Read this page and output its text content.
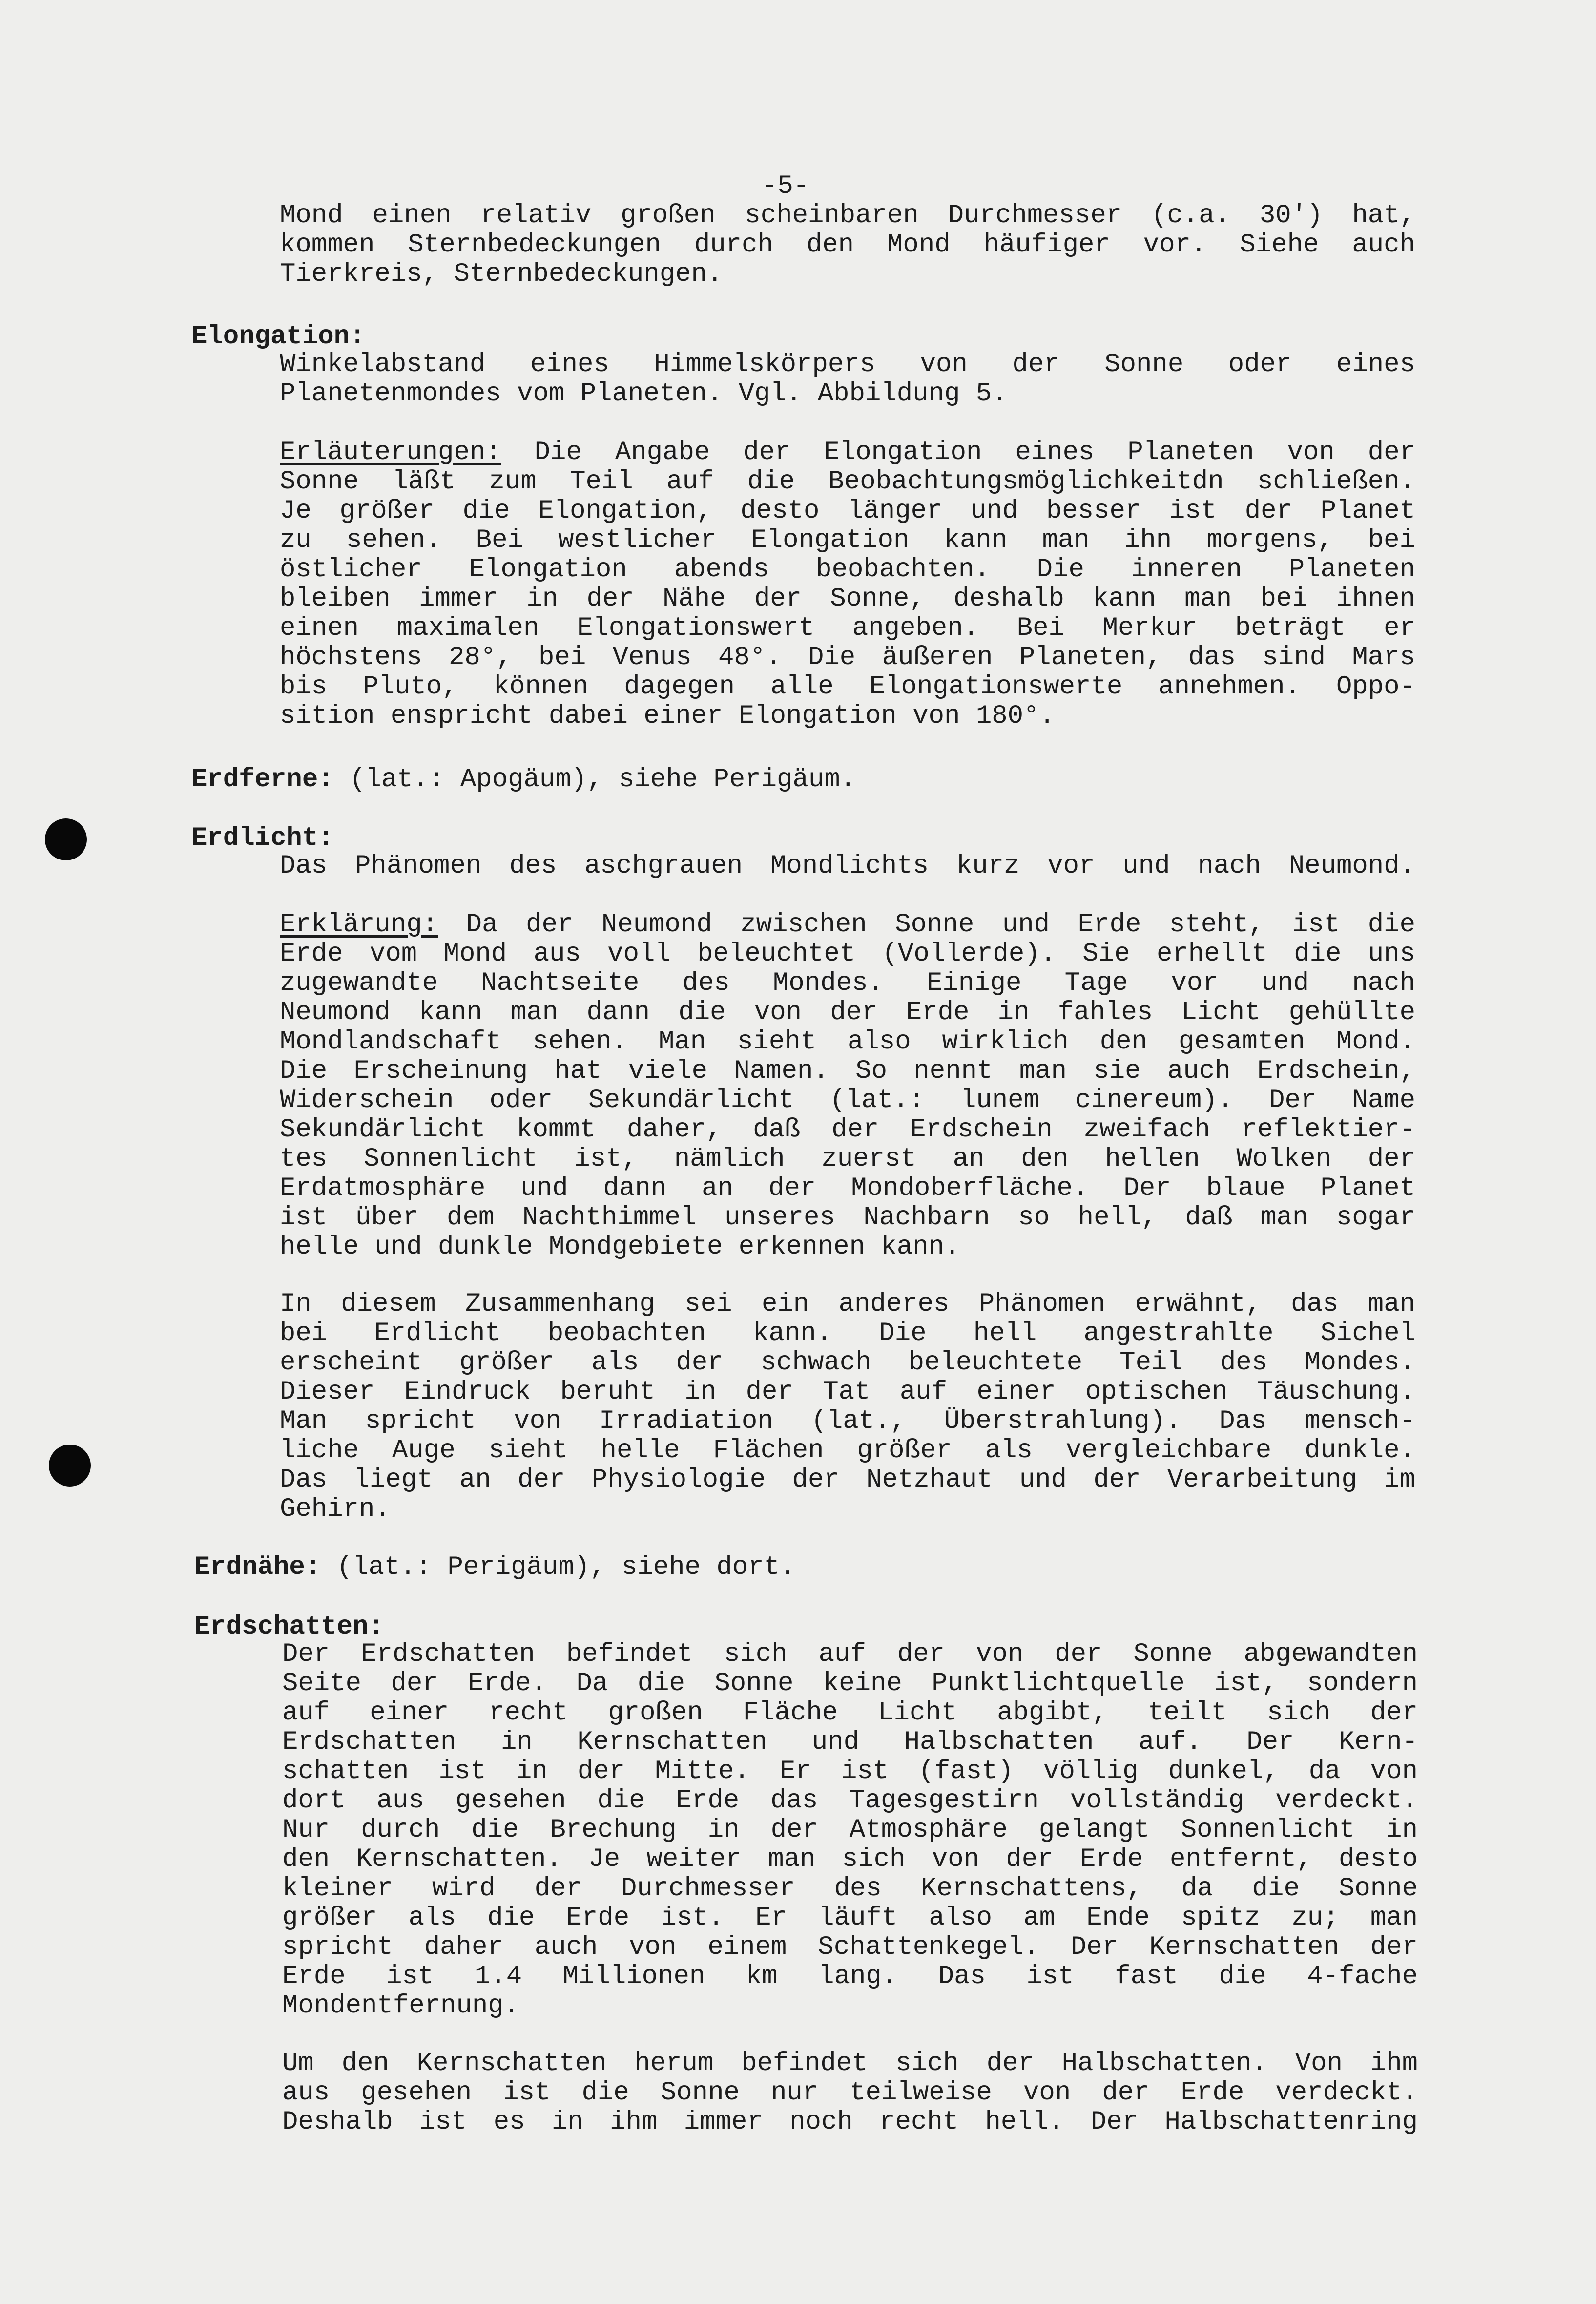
-5-
Mond einen relativ großen scheinbaren Durchmesser (c.a. 30') hat,
kommen Sternbedeckungen durch den Mond häufiger vor. Siehe auch
Tierkreis, Sternbedeckungen.
Elongation:
Winkelabstand eines Himmelskörpers von der Sonne oder eines
Planetenmondes vom Planeten. Vgl. Abbildung 5.
Erläuterungen: Die Angabe der Elongation eines Planeten von der
Sonne läßt zum Teil auf die Beobachtungsmöglichkeitdn schließen.
Je größer die Elongation, desto länger und besser ist der Planet
zu sehen. Bei westlicher Elongation kann man ihn morgens, bei
östlicher Elongation abends beobachten. Die inneren Planeten
bleiben immer in der Nähe der Sonne, deshalb kann man bei ihnen
einen maximalen Elongationswert angeben. Bei Merkur beträgt er
höchstens 28°, bei Venus 48°. Die äußeren Planeten, das sind Mars
bis Pluto, können dagegen alle Elongationswerte annehmen. Oppo-
sition enspricht dabei einer Elongation von 180°.
Erdferne: (lat.: Apogäum), siehe Perigäum.
Erdlicht:
Das Phänomen des aschgrauen Mondlichts kurz vor und nach Neumond.
Erklärung: Da der Neumond zwischen Sonne und Erde steht, ist die
Erde vom Mond aus voll beleuchtet (Vollerde). Sie erhellt die uns
zugewandte Nachtseite des Mondes. Einige Tage vor und nach
Neumond kann man dann die von der Erde in fahles Licht gehüllte
Mondlandschaft sehen. Man sieht also wirklich den gesamten Mond.
Die Erscheinung hat viele Namen. So nennt man sie auch Erdschein,
Widerschein oder Sekundärlicht (lat.: lunem cinereum). Der Name
Sekundärlicht kommt daher, daß der Erdschein zweifach reflektier-
tes Sonnenlicht ist, nämlich zuerst an den hellen Wolken der
Erdatmosphäre und dann an der Mondoberfläche. Der blaue Planet
ist über dem Nachthimmel unseres Nachbarn so hell, daß man sogar
helle und dunkle Mondgebiete erkennen kann.
In diesem Zusammenhang sei ein anderes Phänomen erwähnt, das man
bei Erdlicht beobachten kann. Die hell angestrahlte Sichel
erscheint größer als der schwach beleuchtete Teil des Mondes.
Dieser Eindruck beruht in der Tat auf einer optischen Täuschung.
Man spricht von Irradiation (lat., Überstrahlung). Das mensch-
liche Auge sieht helle Flächen größer als vergleichbare dunkle.
Das liegt an der Physiologie der Netzhaut und der Verarbeitung im
Gehirn.
Erdnähe: (lat.: Perigäum), siehe dort.
Erdschatten:
Der Erdschatten befindet sich auf der von der Sonne abgewandten
Seite der Erde. Da die Sonne keine Punktlichtquelle ist, sondern
auf einer recht großen Fläche Licht abgibt, teilt sich der
Erdschatten in Kernschatten und Halbschatten auf. Der Kern-
schatten ist in der Mitte. Er ist (fast) völlig dunkel, da von
dort aus gesehen die Erde das Tagesgestirn vollständig verdeckt.
Nur durch die Brechung in der Atmosphäre gelangt Sonnenlicht in
den Kernschatten. Je weiter man sich von der Erde entfernt, desto
kleiner wird der Durchmesser des Kernschattens, da die Sonne
größer als die Erde ist. Er läuft also am Ende spitz zu; man
spricht daher auch von einem Schattenkegel. Der Kernschatten der
Erde ist 1.4 Millionen km lang. Das ist fast die 4-fache
Mondentfernung.
Um den Kernschatten herum befindet sich der Halbschatten. Von ihm
aus gesehen ist die Sonne nur teilweise von der Erde verdeckt.
Deshalb ist es in ihm immer noch recht hell. Der Halbschattenring
